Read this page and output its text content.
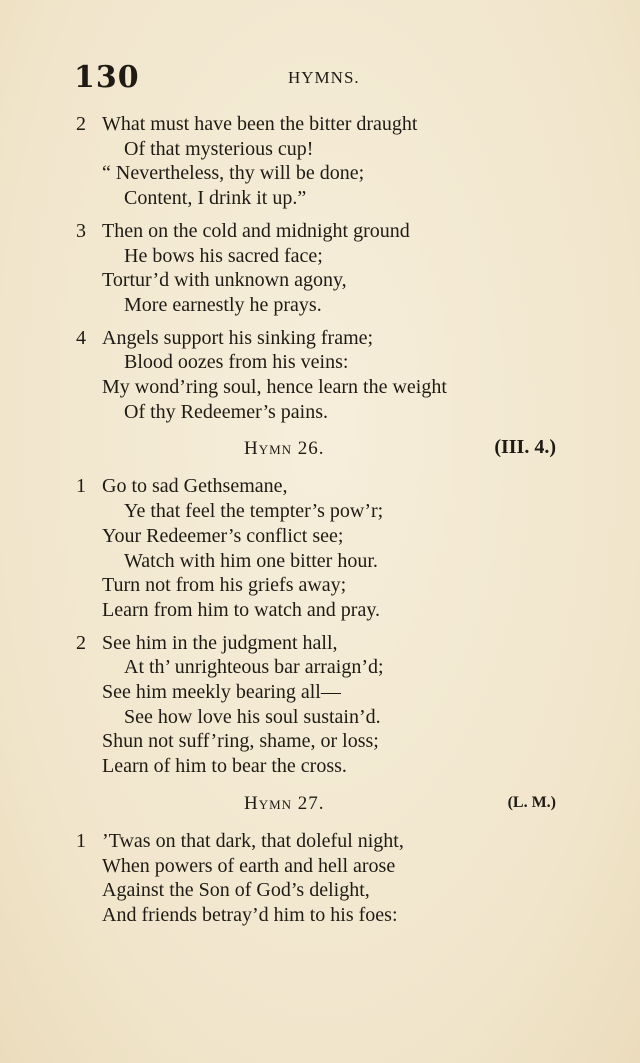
130	HYMNS.
2 What must have been the bitter draught
Of that mysterious cup!
“ Nevertheless, thy will be done;
Content, I drink it up.”
3 Then on the cold and midnight ground
He bows his sacred face;
Tortur’d with unknown agony,
More earnestly he prays.
4 Angels support his sinking frame;
Blood oozes from his veins:
My wond’ring soul, hence learn the weight
Of thy Redeemer’s pains.
Hymn 26.	(III. 4.)
1 Go to sad Gethsemane,
Ye that feel the tempter’s pow’r;
Your Redeemer’s conflict see;
Watch with him one bitter hour.
Turn not from his griefs away;
Learn from him to watch and pray.
2 See him in the judgment hall,
At th’ unrighteous bar arraign’d;
See him meekly bearing all—
See how love his soul sustain’d.
Shun not suff’ring, shame, or loss;
Learn of him to bear the cross.
Hymn 27.	(L. M.)
1 ’Twas on that dark, that doleful night,
When powers of earth and hell arose
Against the Son of God’s delight,
And friends betray’d him to his foes:
